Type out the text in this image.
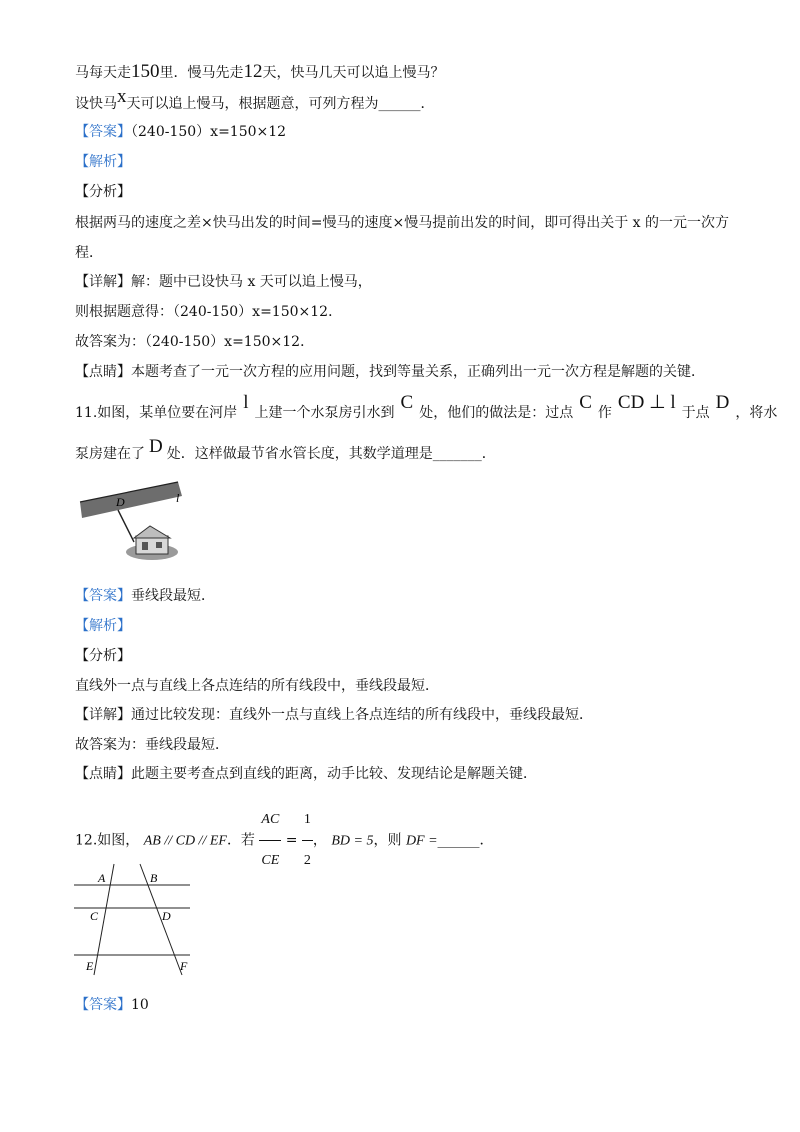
马每天走150里．慢马先走12天，快马几天可以追上慢马？
设快马x天可以追上慢马，根据题意，可列方程为______．
【答案】（240-150）x=150×12
【解析】
【分析】
根据两马的速度之差×快马出发的时间=慢马的速度×慢马提前出发的时间，即可得出关于 x 的一元一次方
程．
【详解】解：题中已设快马 x 天可以追上慢马，
则根据题意得：（240-150）x=150×12．
故答案为：（240-150）x=150×12．
【点睛】本题考查了一元一次方程的应用问题，找到等量关系，正确列出一元一次方程是解题的关键．
11.如图，某单位要在河岸 l 上建一个水泵房引水到 C 处，他们的做法是：过点 C 作 CD ⊥ l 于点 D ，将水
泵房建在了 D 处．这样做最节省水管长度，其数学道理是_______．
D	l
【答案】垂线段最短．
【解析】
【分析】
直线外一点与直线上各点连结的所有线段中，垂线段最短．
【详解】通过比较发现：直线外一点与直线上各点连结的所有线段中，垂线段最短．
故答案为：垂线段最短．
【点睛】此题主要考查点到直线的距离，动手比较、发现结论是解题关键．
12.如图， AB // CD // EF．若 $\frac{AC}{CE} = \frac{1}{2}$ ， BD = 5，则 DF =______．
A	B
C	D
E	F
【答案】10
